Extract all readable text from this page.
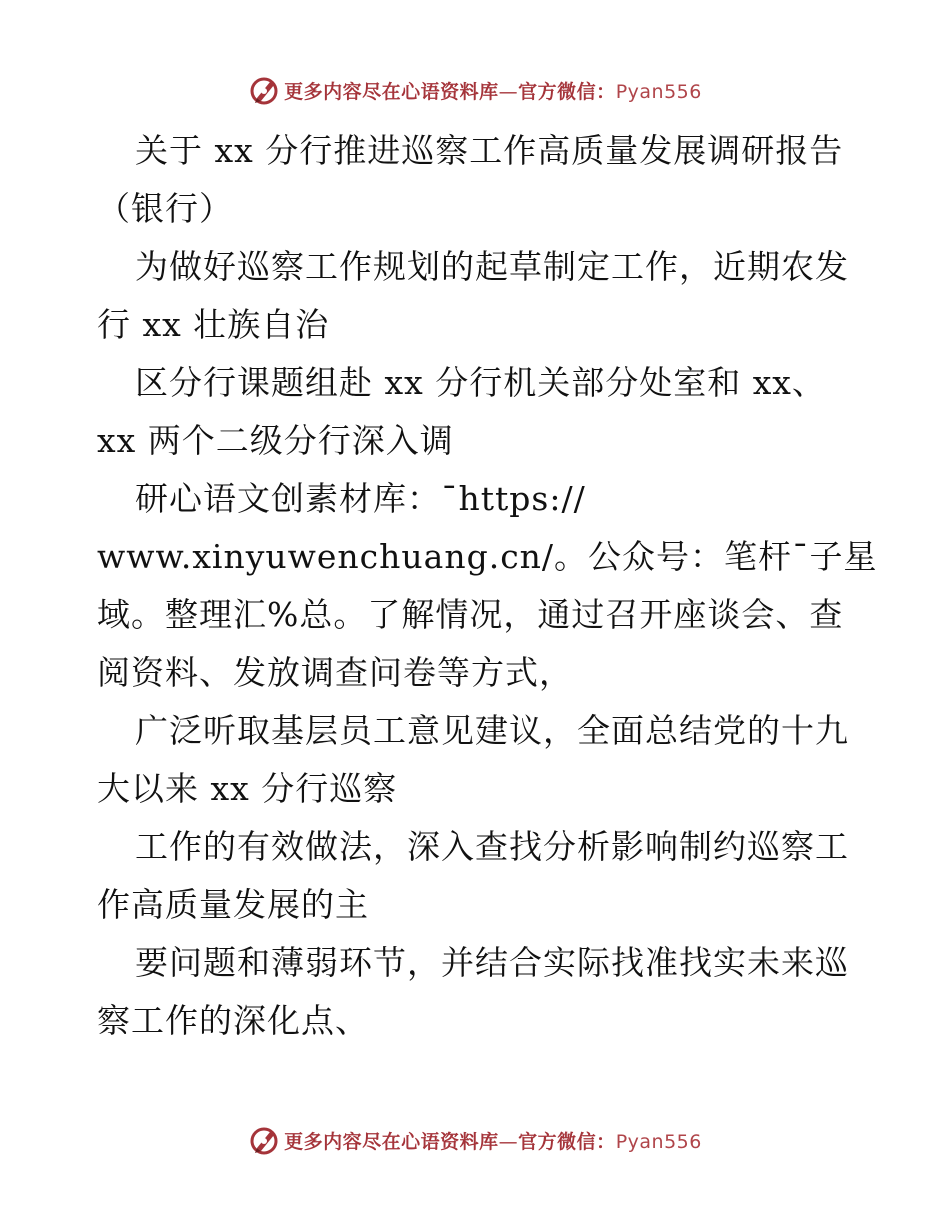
更多内容尽在心语资料库—官方微信：Pyan556
关于 xx 分行推进巡察工作高质量发展调研报告
（银行）
为做好巡察工作规划的起草制定工作，近期农发
行 xx 壮族自治
区分行课题组赴 xx 分行机关部分处室和 xx、
xx 两个二级分行深入调
研心语文创素材库：¯https://
www.xinyuwenchuang.cn/。公众号：笔杆¯子星
域。整理汇%总。了解情况，通过召开座谈会、查
阅资料、发放调查问卷等方式，
广泛听取基层员工意见建议，全面总结党的十九
大以来 xx 分行巡察
工作的有效做法，深入查找分析影响制约巡察工
作高质量发展的主
要问题和薄弱环节，并结合实际找准找实未来巡
察工作的深化点、
更多内容尽在心语资料库—官方微信：Pyan556
